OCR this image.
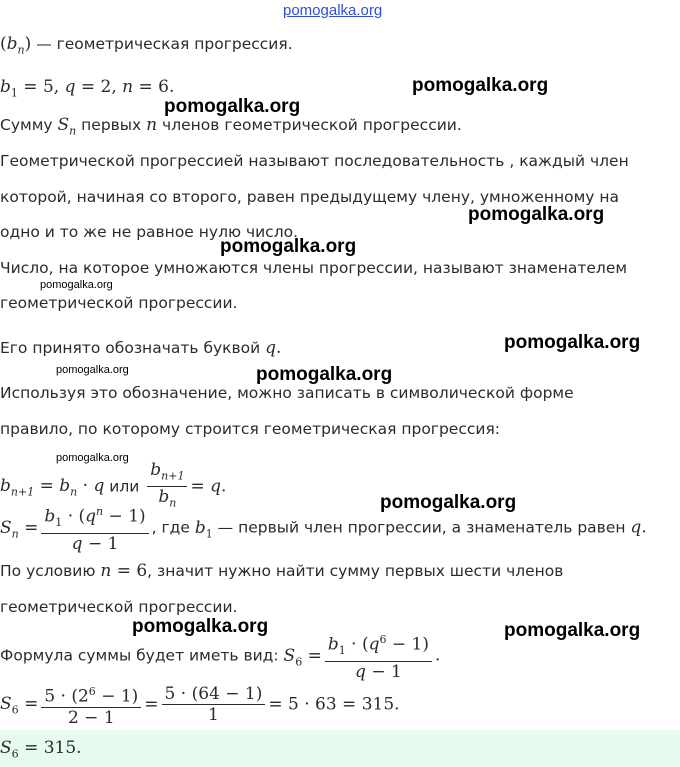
pomogalka.org
pomogalka.org
pomogalka.org
pomogalka.org
pomogalka.org
pomogalka.org
pomogalka.org
pomogalka.org	pomogalka.org
pomogalka.org
pomogalka.org
pomogalka.org	pomogalka.org
$(b_n)$ — геометрическая прогрессия.
$b_1 = 5$, q = 2, n = 6.
Сумму $S_n$ первых n членов геометрической прогрессии.
Геометрической прогрессией называют последовательность , каждый член
которой, начиная со второго, равен предыдущему члену, умноженному на
одно и то же не равное нулю число.
Число, на которое умножаются члены прогрессии, называют знаменателем
геометрической прогрессии.
Его принято обозначать буквой q.
Используя это обозначение, можно записать в символической форме
правило, по которому строится геометрическая прогрессия:
$b_{n+1} = b_n \cdot q$ или $\frac{b_{n+1}}{b_n} = q$.
$S_n = \frac{b_1 \cdot (q^n - 1)}{q - 1}$ , где $b_1$ — первый член прогрессии, а знаменатель равен q.
По условию n = 6, значит нужно найти сумму первых шести членов
геометрической прогрессии.
Формула суммы будет иметь вид: $S_6 = \frac{b_1 \cdot (q^6 - 1)}{q - 1}$ .
$S_6 = \frac{5 \cdot (2^6 - 1)}{2 - 1} = \frac{5 \cdot (64 - 1)}{1} = 5 \cdot 63 = 315$.
$S_6 = 315$.
